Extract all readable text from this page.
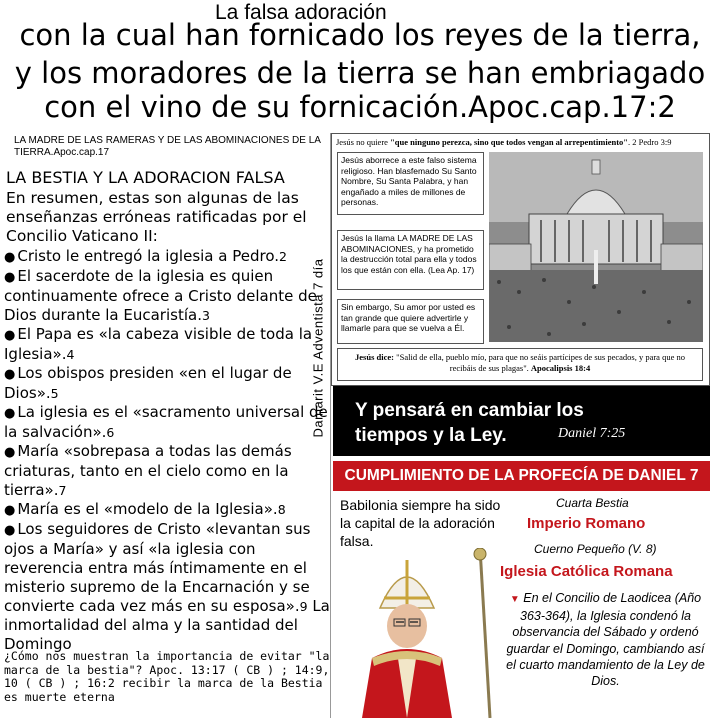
La falsa adoración
con la cual han fornicado los reyes de la tierra,
y los moradores de la tierra se han embriagado
con el vino de su fornicación.Apoc.cap.17:2
LA MADRE DE LAS RAMERAS Y DE LAS ABOMINACIONES DE LA TIERRA.Apoc.cap.17
LA BESTIA Y LA ADORACION FALSA
En resumen, estas son algunas de las enseñanzas erróneas ratificadas por el Concilio Vaticano II:
● Cristo le entregó la iglesia a Pedro.2
● El sacerdote de la iglesia es quien continuamente ofrece a Cristo delante de Dios durante la Eucaristía.3
● El Papa es «la cabeza visible de toda la Iglesia».4
● Los obispos presiden «en el lugar de Dios».5
● La iglesia es el «sacramento universal de la salvación».6
● María «sobrepasa a todas las demás criaturas, tanto en el cielo como en la tierra».7
● María es el «modelo de la Iglesia».8
● Los seguidores de Cristo «levantan sus ojos a María» y así «la iglesia con reverencia entra más íntimamente en el misterio supremo de la Encarnación y se convierte cada vez más en su esposa».9 La inmortalidad del alma y la santidad del Domingo
¿Cómo nos muestran la importancia de evitar "la marca de la bestia"? Apoc. 13:17 ( CB ) ; 14:9, 10 ( CB ) ; 16:2 recibir la marca de la Bestia es muerte eterna
Damarit V.E Adventista 7 día
Jesús no quiere "que ninguno perezca, sino que todos vengan al arrepentimiento". 2 Pedro 3:9
Jesús aborrece a este falso sistema religioso. Han blasfemado Su Santo Nombre, Su Santa Palabra, y han engañado a miles de millones de personas.
Jesús la llama LA MADRE DE LAS ABOMINACIONES, y ha prometido la destrucción total para ella y todos los que están con ella. (Lea Ap. 17)
Sin embargo, Su amor por usted es tan grande que quiere advertirle y llamarle para que se vuelva a Él.
Jesús dice: "Salid de ella, pueblo mío, para que no seáis partícipes de sus pecados, y para que no recibáis de sus plagas". Apocalipsis 18:4
Y pensará en cambiar los tiempos y la Ley.	Daniel 7:25
CUMPLIMIENTO DE LA PROFECÍA DE DANIEL 7
Babilonia siempre ha sido la capital de la adoración falsa.
Cuarta Bestia
Imperio Romano
Cuerno Pequeño (V. 8)
Iglesia Católica Romana
▼ En el Concilio de Laodicea (Año 363-364), la Iglesia condenó la observancia del Sábado y ordenó guardar el Domingo, cambiando así el cuarto mandamiento de la Ley de Dios.
